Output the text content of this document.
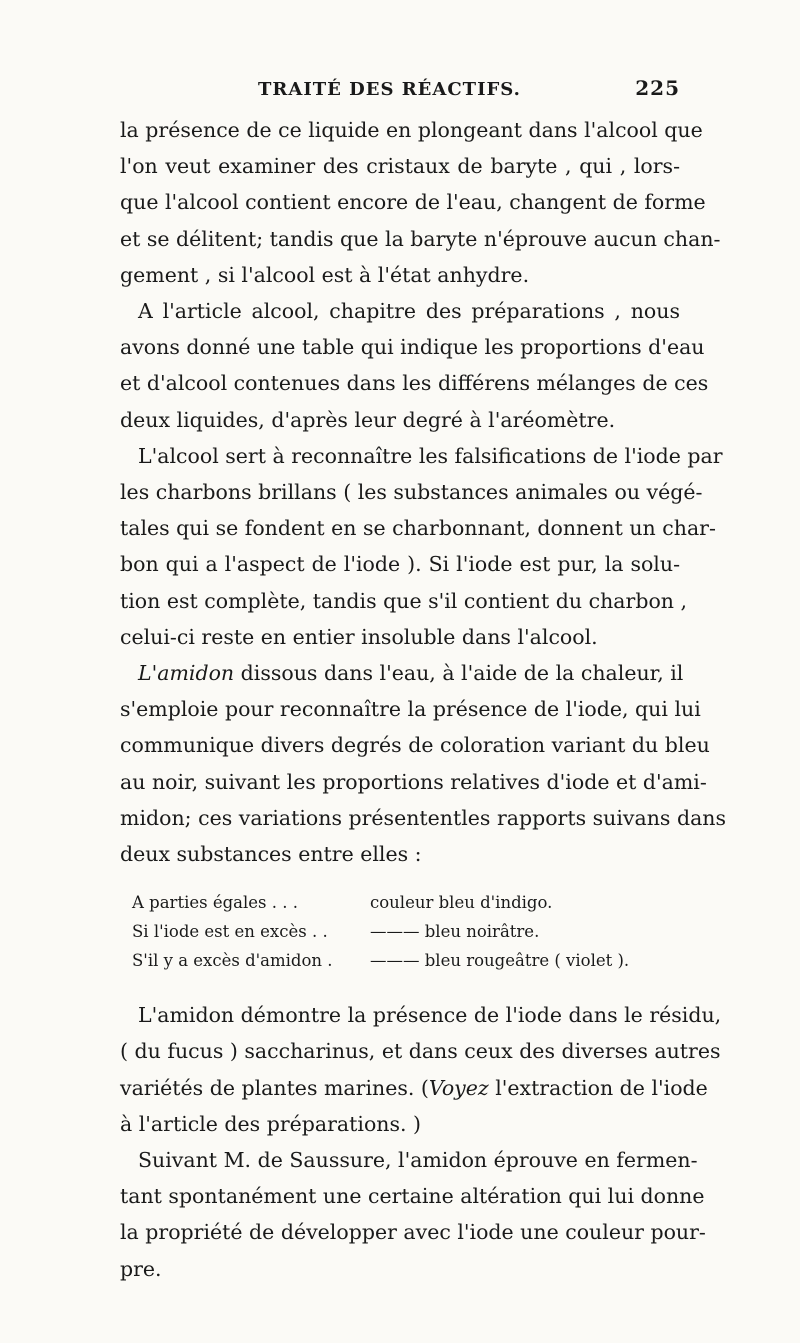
TRAITÉ DES RÉACTIFS.	225
la présence de ce liquide en plongeant dans l'alcool que
l'on veut examiner des cristaux de baryte , qui , lors-
que l'alcool contient encore de l'eau, changent de forme
et se délitent; tandis que la baryte n'éprouve aucun chan-
gement , si l'alcool est à l'état anhydre.
A l'article alcool, chapitre des préparations , nous
avons donné une table qui indique les proportions d'eau
et d'alcool contenues dans les différens mélanges de ces
deux liquides, d'après leur degré à l'aréomètre.
L'alcool sert à reconnaître les falsifications de l'iode par
les charbons brillans ( les substances animales ou végé-
tales qui se fondent en se charbonnant, donnent un char-
bon qui a l'aspect de l'iode ). Si l'iode est pur, la solu-
tion est complète, tandis que s'il contient du charbon ,
celui-ci reste en entier insoluble dans l'alcool.
L'amidon dissous dans l'eau, à l'aide de la chaleur, il
s'emploie pour reconnaître la présence de l'iode, qui lui
communique divers degrés de coloration variant du bleu
au noir, suivant les proportions relatives d'iode et d'ami-
midon; ces variations présententles rapports suivans dans
deux substances entre elles :
A parties égales . . .	couleur bleu d'indigo.
Si l'iode est en excès . .	——— bleu noirâtre.
S'il y a excès d'amidon .	——— bleu rougeâtre ( violet ).
L'amidon démontre la présence de l'iode dans le résidu,
( du fucus ) saccharinus, et dans ceux des diverses autres
variétés de plantes marines. (Voyez l'extraction de l'iode
à l'article des préparations. )
Suivant M. de Saussure, l'amidon éprouve en fermen-
tant spontanément une certaine altération qui lui donne
la propriété de développer avec l'iode une couleur pour-
pre.
